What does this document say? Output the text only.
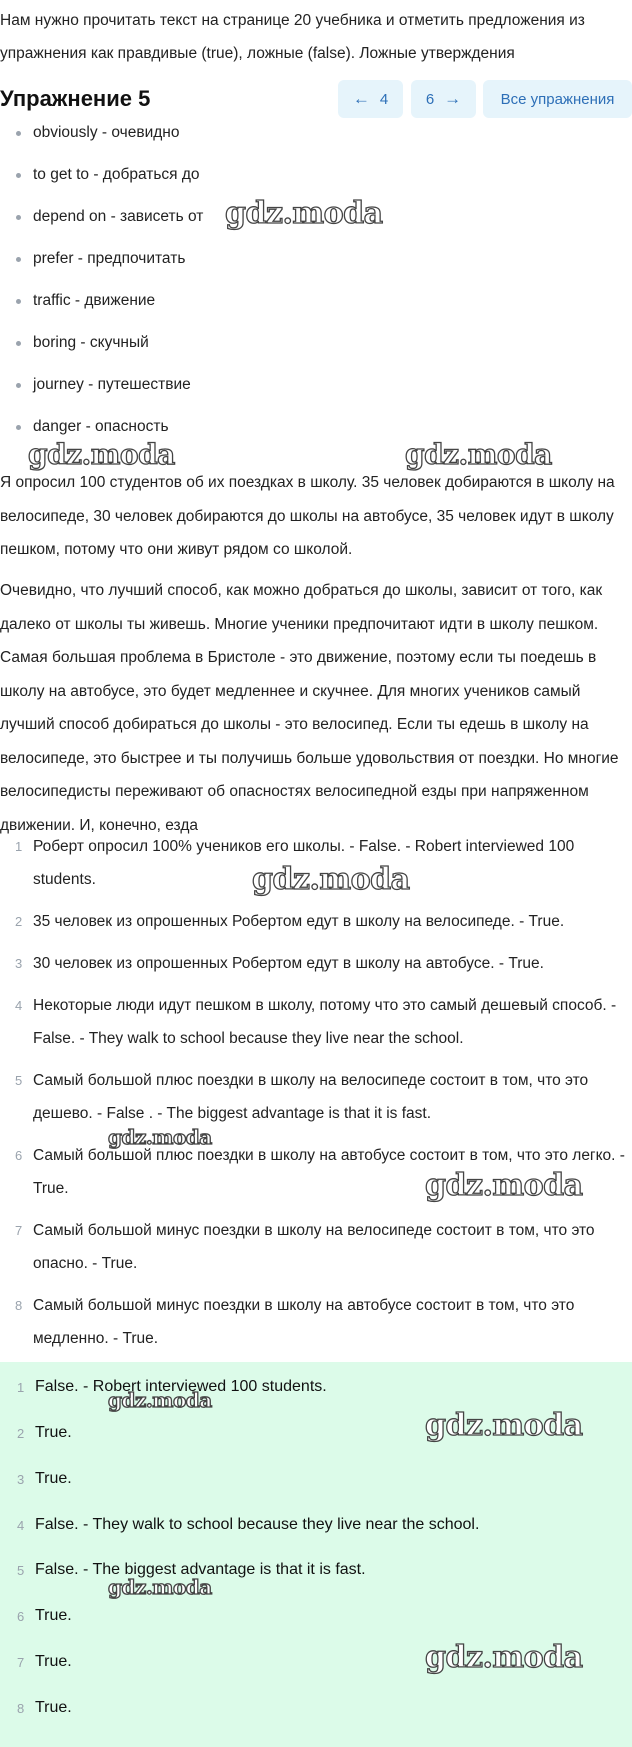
Нам нужно прочитать текст на странице 20 учебника и отметить предложения из упражнения как правдивые (true), ложные (false). Ложные утверждения
Упражнение 5	← 4	6 →	Все упражнения
obviously - очевидно
to get to - добраться до
depend on - зависеть от
prefer - предпочитать
traffic - движение
boring - скучный
journey - путешествие
danger - опасность
Я опросил 100 студентов об их поездках в школу. 35 человек добираются в школу на велосипеде, 30 человек добираются до школы на автобусе, 35 человек идут в школу пешком, потому что они живут рядом со школой.
Очевидно, что лучший способ, как можно добраться до школы, зависит от того, как далеко от школы ты живешь. Многие ученики предпочитают идти в школу пешком. Самая большая проблема в Бристоле - это движение, поэтому если ты поедешь в школу на автобусе, это будет медленнее и скучнее. Для многих учеников самый лучший способ добираться до школы - это велосипед. Если ты едешь в школу на велосипеде, это быстрее и ты получишь больше удовольствия от поездки. Но многие велосипедисты переживают об опасностях велосипедной езды при напряженном движении. И, конечно, езда
1 Роберт опросил 100% учеников его школы. - False. - Robert interviewed 100 students.
2 35 человек из опрошенных Робертом едут в школу на велосипеде. - True.
3 30 человек из опрошенных Робертом едут в школу на автобусе. - True.
4 Некоторые люди идут пешком в школу, потому что это самый дешевый способ. - False. - They walk to school because they live near the school.
5 Самый большой плюс поездки в школу на велосипеде состоит в том, что это дешево. - False . - The biggest advantage is that it is fast.
6 Самый большой плюс поездки в школу на автобусе состоит в том, что это легко. - True.
7 Самый большой минус поездки в школу на велосипеде состоит в том, что это опасно. - True.
8 Самый большой минус поездки в школу на автобусе состоит в том, что это медленно. - True.
1 False. - Robert interviewed 100 students.
2 True.
3 True.
4 False. - They walk to school because they live near the school.
5 False. - The biggest advantage is that it is fast.
6 True.
7 True.
8 True.
gdz.moda
gdz.moda	gdz.moda
gdz.moda
gdz.moda
gdz.moda
gdz.moda
gdz.moda
gdz.moda
gdz.moda
